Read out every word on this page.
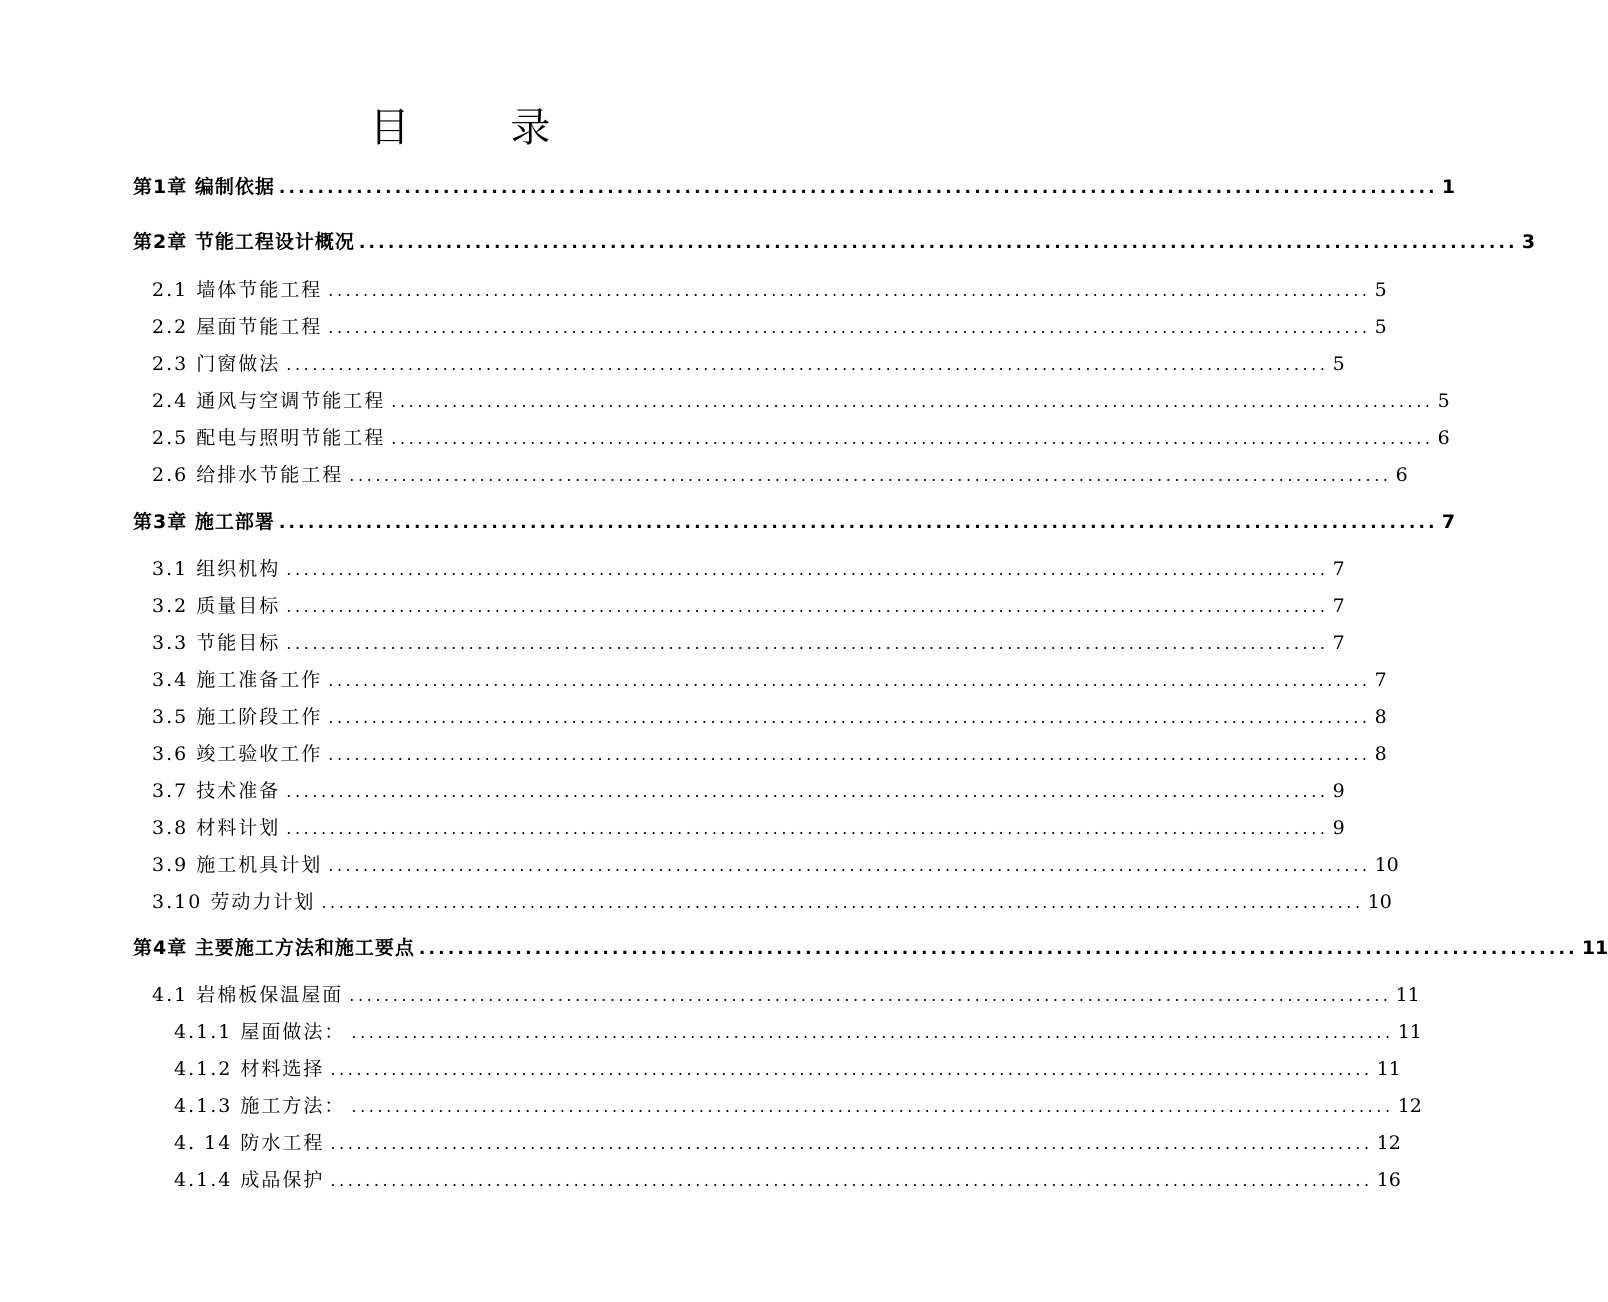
目 录
第1章 编制依据 ........................................................................................................................ 1
第2章 节能工程设计概况 ........................................................................................................................ 3
2.1 墙体节能工程 ........................................................................................................................ 5
2.2 屋面节能工程 ........................................................................................................................ 5
2.3 门窗做法 ........................................................................................................................ 5
2.4 通风与空调节能工程 ........................................................................................................................ 5
2.5 配电与照明节能工程 ........................................................................................................................ 6
2.6 给排水节能工程 ........................................................................................................................ 6
第3章 施工部署 ........................................................................................................................ 7
3.1 组织机构 ........................................................................................................................ 7
3.2 质量目标 ........................................................................................................................ 7
3.3 节能目标 ........................................................................................................................ 7
3.4 施工准备工作 ........................................................................................................................ 7
3.5 施工阶段工作 ........................................................................................................................ 8
3.6 竣工验收工作 ........................................................................................................................ 8
3.7 技术准备 ........................................................................................................................ 9
3.8 材料计划 ........................................................................................................................ 9
3.9 施工机具计划 ........................................................................................................................ 10
3.10 劳动力计划 ........................................................................................................................ 10
第4章 主要施工方法和施工要点 ........................................................................................................................ 11
4.1 岩棉板保温屋面 ........................................................................................................................ 11
4.1.1 屋面做法： ........................................................................................................................ 11
4.1.2 材料选择 ........................................................................................................................ 11
4.1.3 施工方法： ........................................................................................................................ 12
4. 14 防水工程 ........................................................................................................................ 12
4.1.4 成品保护 ........................................................................................................................ 16
